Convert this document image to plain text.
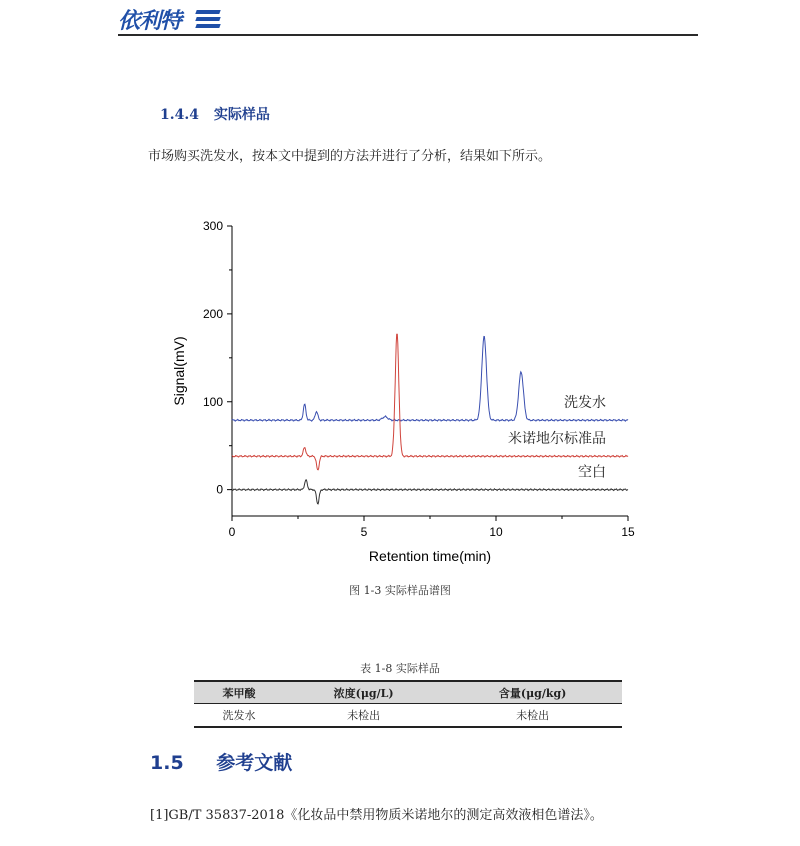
依利特
1.4.4 实际样品
市场购买洗发水，按本文中提到的方法并进行了分析，结果如下所示。
0
100
200
300
0	5	10	15
Retention time(min)
Signal(mV)	洗发水
米诺地尔标准品
空白
图 1-3 实际样品谱图
表 1-8 实际样品
苯甲酸	浓度(μg/L)	含量(μg/kg)
洗发水	未检出	未检出
1.5 参考文献
[1]GB/T 35837-2018《化妆品中禁用物质米诺地尔的测定高效液相色谱法》。
